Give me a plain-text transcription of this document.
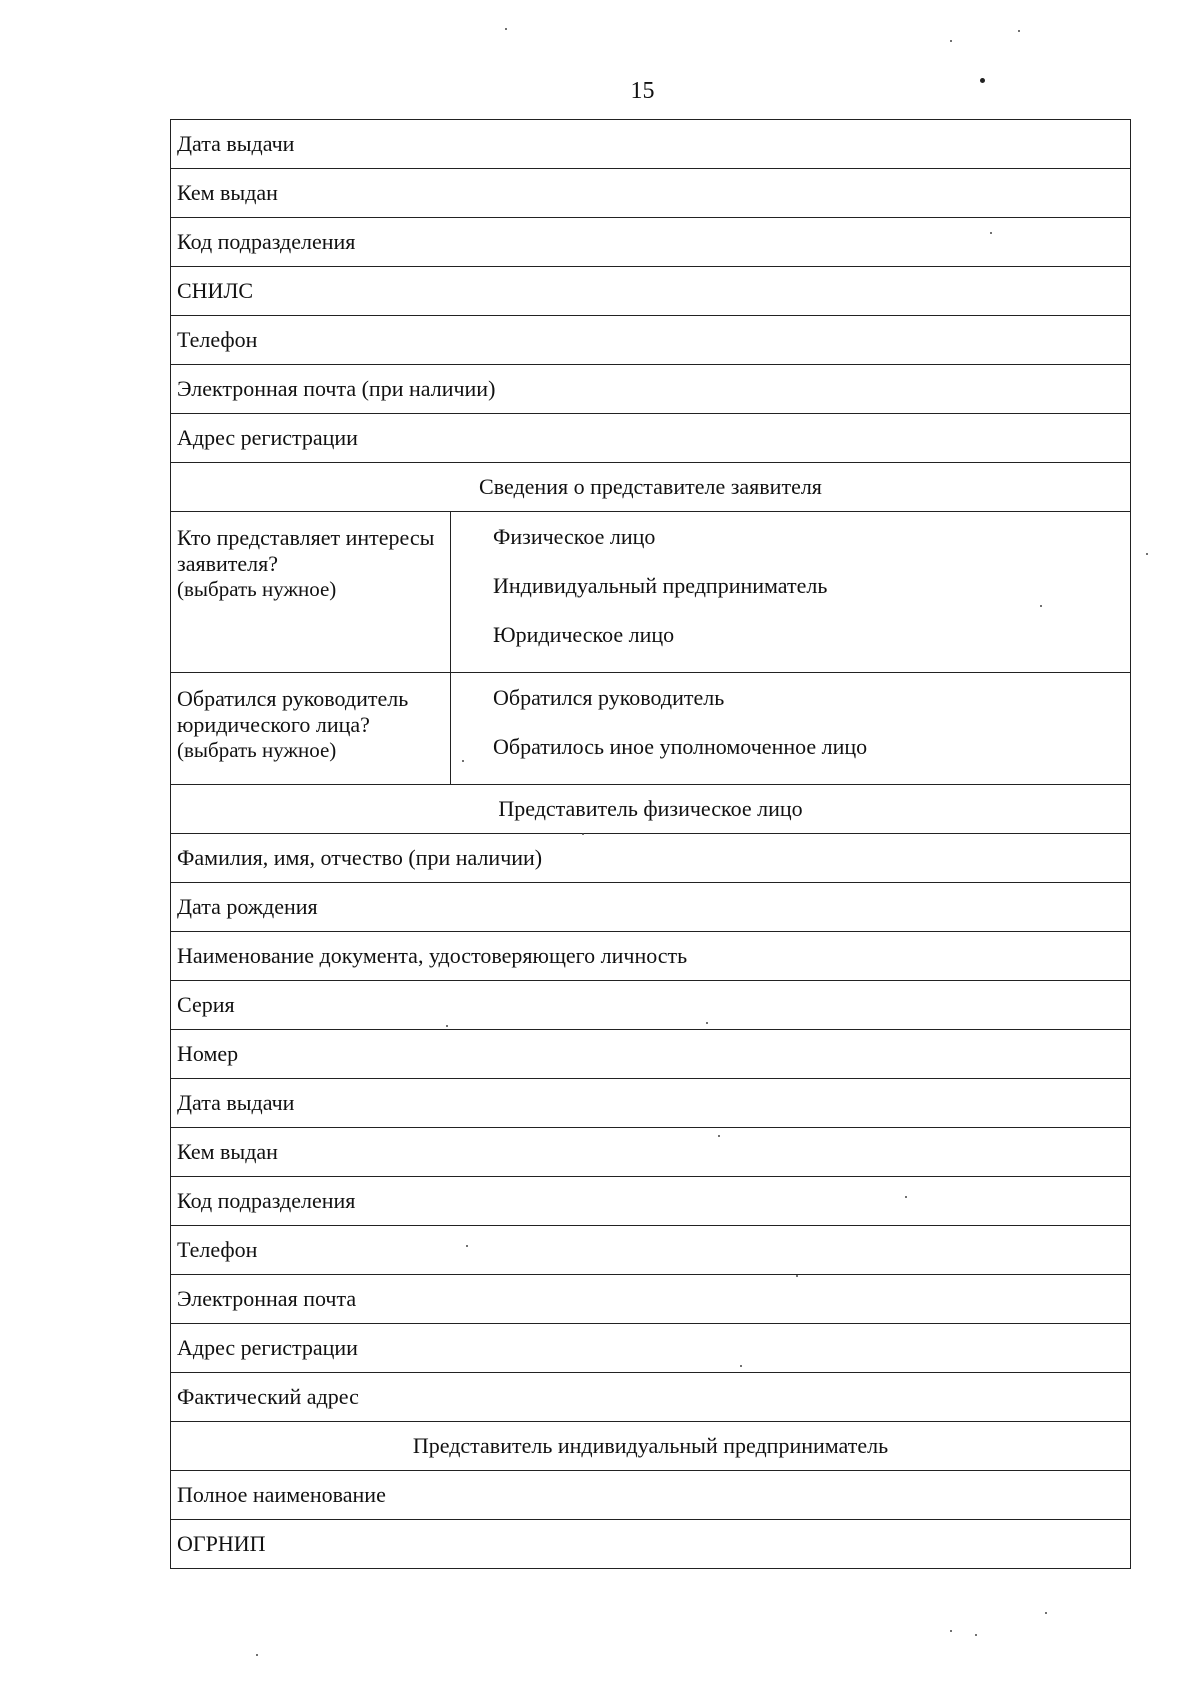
15
Дата выдачи	
Кем выдан	
Код подразделения	
СНИЛС	
Телефон	
Электронная почта (при наличии)	
Адрес регистрации	
Сведения о представителе заявителя	
Кто представляет интересы заявителя?
(выбрать нужное)	Физическое лицо
Индивидуальный предприниматель
Юридическое лицо

Обратился руководитель юридического лица?
(выбрать нужное)	Обратился руководитель
Обратилось иное уполномоченное лицо

Представитель физическое лицо	
Фамилия, имя, отчество (при наличии)	
Дата рождения	
Наименование документа, удостоверяющего личность	
Серия	
Номер	
Дата выдачи	
Кем выдан	
Код подразделения	
Телефон	
Электронная почта	
Адрес регистрации	
Фактический адрес	
Представитель индивидуальный предприниматель	
Полное наименование	
ОГРНИП	
